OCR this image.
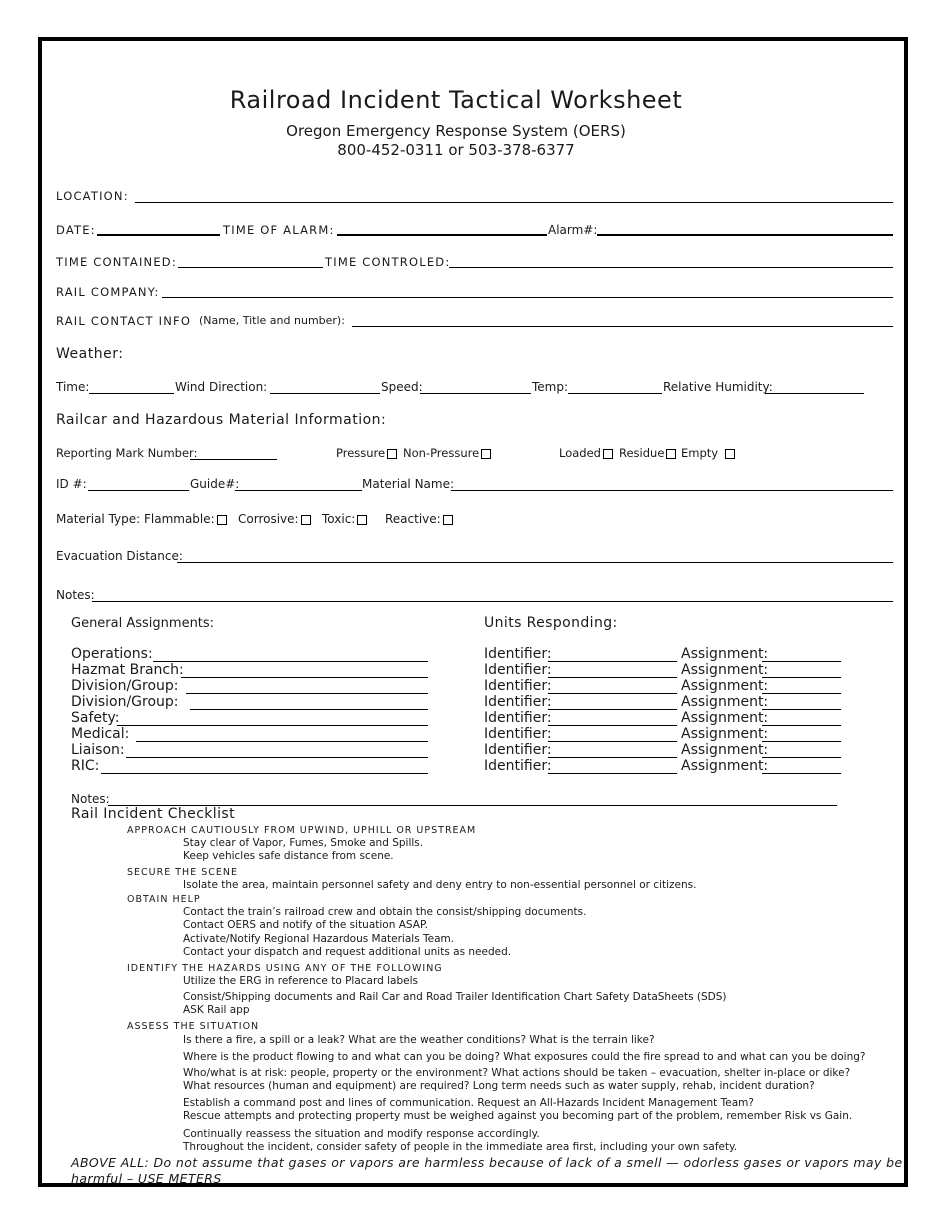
Railroad Incident Tactical Worksheet
Oregon Emergency Response System (OERS)
800-452-0311 or 503-378-6377
LOCATION:
DATE:	TIME OF ALARM:	Alarm#:
TIME CONTAINED:	TIME CONTROLED:
RAIL COMPANY:
RAIL CONTACT INFO (Name, Title and number):
Weather:
Time:	Wind Direction:	Speed:	Temp:	Relative Humidity:
Railcar and Hazardous Material Information:
Reporting Mark Number:	Pressure	Non-Pressure	Loaded	Residue	Empty
ID #:	Guide#:	Material Name:
Material Type: Flammable:	Corrosive:	Toxic:	Reactive:
Evacuation Distance:
Notes:
General Assignments:
Operations:
Hazmat Branch:
Division/Group:
Division/Group:
Safety:
Medical:
Liaison:
RIC:
Units Responding:
Identifier:	Assignment:
Identifier:	Assignment:
Identifier:	Assignment:
Identifier:	Assignment:
Identifier:	Assignment:
Identifier:	Assignment:
Identifier:	Assignment:
Identifier:	Assignment:
Notes:
Rail Incident Checklist
APPROACH CAUTIOUSLY FROM UPWIND, UPHILL OR UPSTREAM
Stay clear of Vapor, Fumes, Smoke and Spills.
Keep vehicles safe distance from scene.
SECURE THE SCENE
Isolate the area, maintain personnel safety and deny entry to non-essential personnel or citizens.
OBTAIN HELP
Contact the train’s railroad crew and obtain the consist/shipping documents.
Contact OERS and notify of the situation ASAP.
Activate/Notify Regional Hazardous Materials Team.
Contact your dispatch and request additional units as needed.
IDENTIFY THE HAZARDS USING ANY OF THE FOLLOWING
Utilize the ERG in reference to Placard labels
Consist/Shipping documents and Rail Car and Road Trailer Identification Chart Safety DataSheets (SDS)
ASK Rail app
ASSESS THE SITUATION
Is there a fire, a spill or a leak? What are the weather conditions? What is the terrain like?
Where is the product flowing to and what can you be doing? What exposures could the fire spread to and what can you be doing?
Who/what is at risk: people, property or the environment? What actions should be taken – evacuation, shelter in-place or dike?
What resources (human and equipment) are required? Long term needs such as water supply, rehab, incident duration?
Establish a command post and lines of communication. Request an All-Hazards Incident Management Team?
Rescue attempts and protecting property must be weighed against you becoming part of the problem, remember Risk vs Gain.
Continually reassess the situation and modify response accordingly.
Throughout the incident, consider safety of people in the immediate area first, including your own safety.
ABOVE ALL: Do not assume that gases or vapors are harmless because of lack of a smell — odorless gases or vapors may be
harmful – USE METERS
